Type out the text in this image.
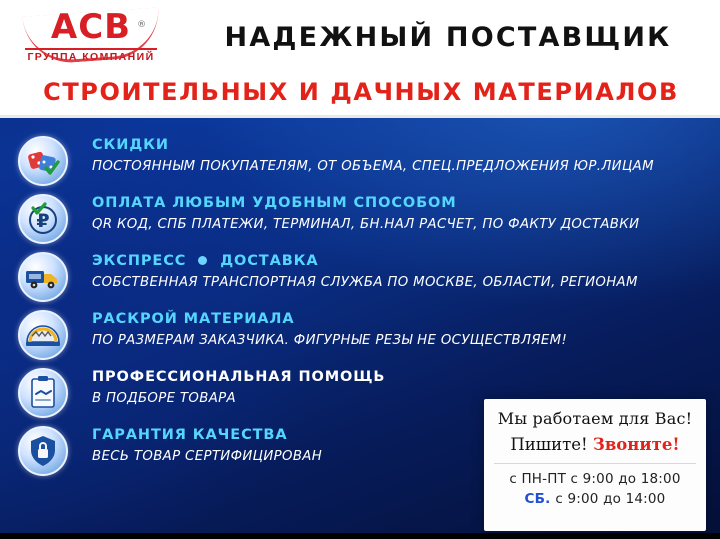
ACB ®
ГРУППА КОМПАНИЙ
НАДЕЖНЫЙ ПОСТАВЩИК
СТРОИТЕЛЬНЫХ И ДАЧНЫХ МАТЕРИАЛОВ
СКИДКИ
ПОСТОЯННЫМ ПОКУПАТЕЛЯМ, ОТ ОБЪЕМА, СПЕЦ.ПРЕДЛОЖЕНИЯ ЮР.ЛИЦАМ
₽
ОПЛАТА ЛЮБЫМ УДОБНЫМ СПОСОБОМ
QR КОД, СПБ ПЛАТЕЖИ, ТЕРМИНАЛ, БН.НАЛ РАСЧЕТ, ПО ФАКТУ ДОСТАВКИ
ЭКСПРЕСС ДОСТАВКА
СОБСТВЕННАЯ ТРАНСПОРТНАЯ СЛУЖБА ПО МОСКВЕ, ОБЛАСТИ, РЕГИОНАМ
РАСКРОЙ МАТЕРИАЛА
ПО РАЗМЕРАМ ЗАКАЗЧИКА. ФИГУРНЫЕ РЕЗЫ НЕ ОСУЩЕСТВЛЯЕМ!
ПРОФЕССИОНАЛЬНАЯ ПОМОЩЬ
В ПОДБОРЕ ТОВАРА
ГАРАНТИЯ КАЧЕСТВА
ВЕСЬ ТОВАР СЕРТИФИЦИРОВАН
Мы работаем для Вас!
Пишите! Звоните!
с ПН-ПТ с 9:00 до 18:00
СБ. с 9:00 до 14:00
